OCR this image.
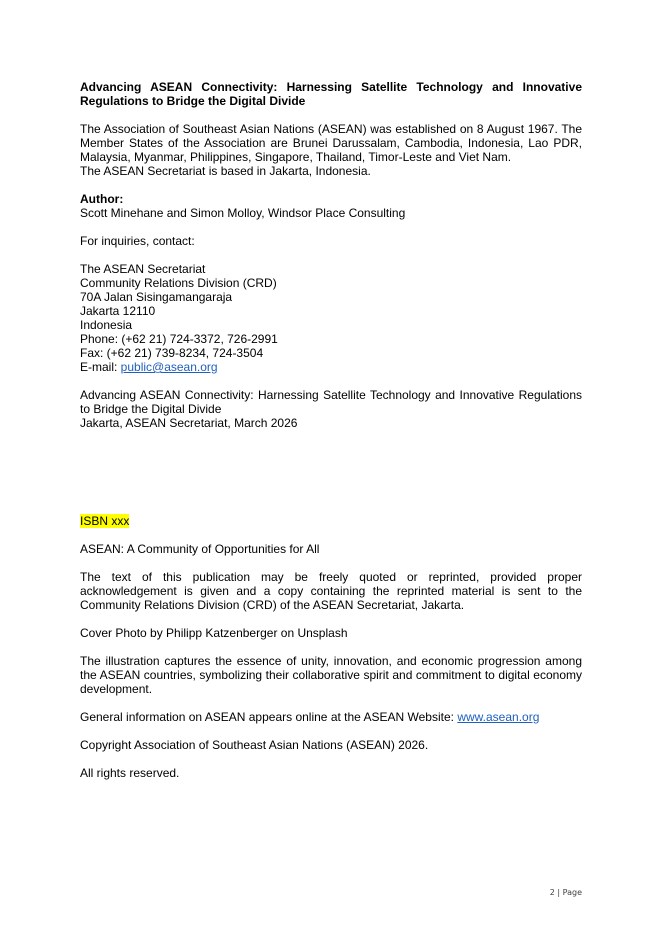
Advancing ASEAN Connectivity: Harnessing Satellite Technology and Innovative Regulations to Bridge the Digital Divide

The Association of Southeast Asian Nations (ASEAN) was established on 8 August 1967. The Member States of the Association are Brunei Darussalam, Cambodia, Indonesia, Lao PDR, Malaysia, Myanmar, Philippines, Singapore, Thailand, Timor-Leste and Viet Nam.

The ASEAN Secretariat is based in Jakarta, Indonesia.

Author:

Scott Minehane and Simon Molloy, Windsor Place Consulting

For inquiries, contact:

The ASEAN Secretariat
Community Relations Division (CRD)
70A Jalan Sisingamangaraja
Jakarta 12110
Indonesia
Phone: (+62 21) 724-3372, 726-2991
Fax: (+62 21) 739-8234, 724-3504
E-mail: public@asean.org

Advancing ASEAN Connectivity: Harnessing Satellite Technology and Innovative Regulations to Bridge the Digital Divide

Jakarta, ASEAN Secretariat, March 2026

ISBN xxx

ASEAN: A Community of Opportunities for All

The text of this publication may be freely quoted or reprinted, provided proper acknowledgement is given and a copy containing the reprinted material is sent to the Community Relations Division (CRD) of the ASEAN Secretariat, Jakarta.

Cover Photo by Philipp Katzenberger on Unsplash

The illustration captures the essence of unity, innovation, and economic progression among the ASEAN countries, symbolizing their collaborative spirit and commitment to digital economy development.

General information on ASEAN appears online at the ASEAN Website: www.asean.org

Copyright Association of Southeast Asian Nations (ASEAN) 2026.

All rights reserved.

2 | Page
